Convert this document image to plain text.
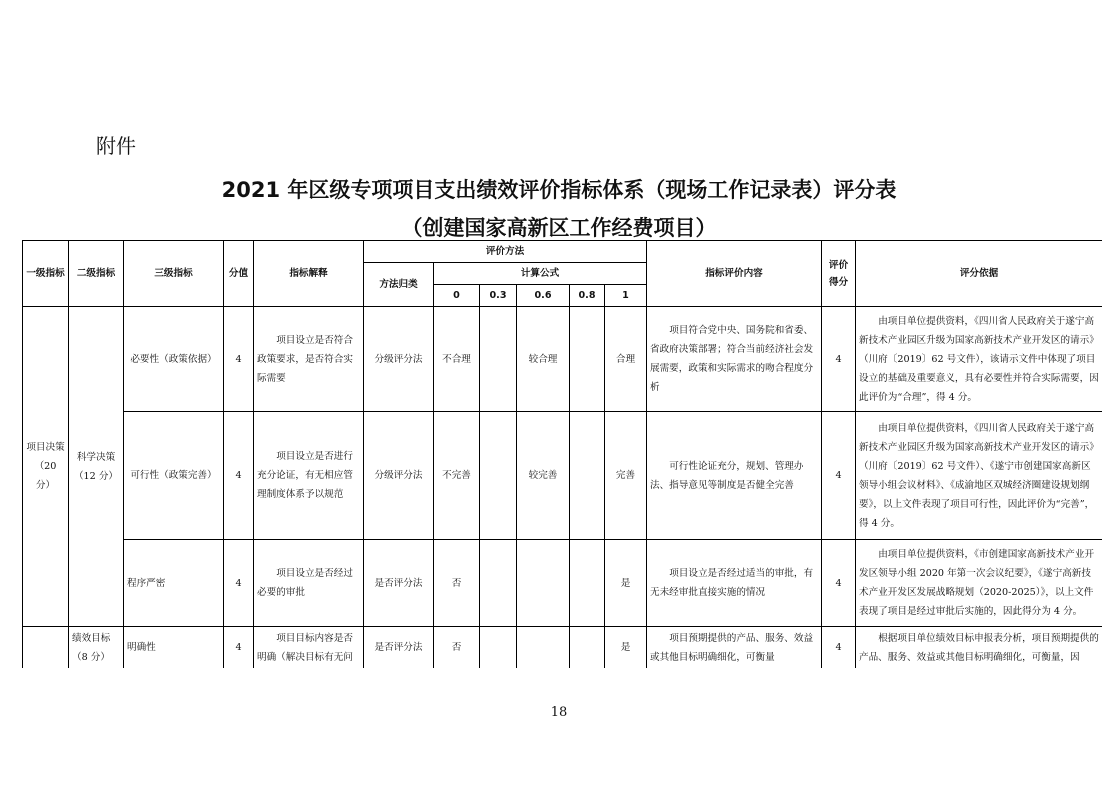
附件
2021 年区级专项项目支出绩效评价指标体系（现场工作记录表）评分表
（创建国家高新区工作经费项目）
一级指标	二级指标	三级指标	分值	指标解释	评价方法						指标评价内容	评价得分	评分依据
					方法归类	计算公式							
						0	0.3	0.6	0.8	1			
项目决策（20 分）	科学决策（12 分）	必要性（政策依据）	4	项目设立是否符合政策要求，是否符合实际需要	分级评分法	不合理		较合理		合理	项目符合党中央、国务院和省委、省政府决策部署；符合当前经济社会发展需要，政策和实际需求的吻合程度分析	4	由项目单位提供资料，《四川省人民政府关于遂宁高新技术产业园区升级为国家高新技术产业开发区的请示》（川府〔2019〕62 号文件），该请示文件中体现了项目设立的基础及重要意义，具有必要性并符合实际需要，因此评价为“合理”，得 4 分。
		可行性（政策完善）	4	项目设立是否进行充分论证，有无相应管理制度体系予以规范	分级评分法	不完善		较完善		完善	可行性论证充分，规划、管理办法、指导意见等制度是否健全完善	4	由项目单位提供资料，《四川省人民政府关于遂宁高新技术产业园区升级为国家高新技术产业开发区的请示》（川府〔2019〕62 号文件）、《遂宁市创建国家高新区领导小组会议材料》、《成渝地区双城经济圈建设规划纲要》，以上文件表现了项目可行性，因此评价为“完善”，得 4 分。
		程序严密	4	项目设立是否经过必要的审批	是否评分法	否				是	项目设立是否经过适当的审批，有无未经审批直接实施的情况	4	由项目单位提供资料，《市创建国家高新技术产业开发区领导小组 2020 年第一次会议纪要》，《遂宁高新技术产业开发区发展战略规划（2020-2025）》，以上文件表现了项目是经过审批后实施的，因此得分为 4 分。
	绩效目标（8 分）	明确性	4	项目目标内容是否明确（解决目标有无问	是否评分法	否				是	项目预期提供的产品、服务、效益或其他目标明确细化，可衡量	4	根据项目单位绩效目标申报表分析，项目预期提供的产品、服务、效益或其他目标明确细化，可衡量，因
18
